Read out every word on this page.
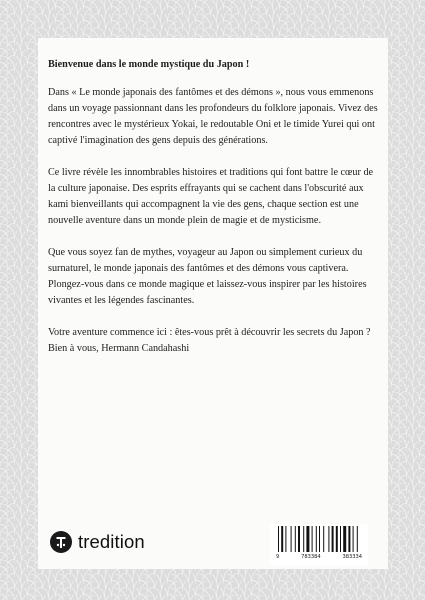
Bienvenue dans le monde mystique du Japon !

Dans « Le monde japonais des fantômes et des démons », nous vous emmenons dans un voyage passionnant dans les profondeurs du folklore japonais. Vivez des rencontres avec le mystérieux Yokai, le redoutable Oni et le timide Yurei qui ont captivé l'imagination des gens depuis des générations.

Ce livre révèle les innombrables histoires et traditions qui font battre le cœur de la culture japonaise. Des esprits effrayants qui se cachent dans l'obscurité aux kami bienveillants qui accompagnent la vie des gens, chaque section est une nouvelle aventure dans un monde plein de magie et de mysticisme.

Que vous soyez fan de mythes, voyageur au Japon ou simplement curieux du surnaturel, le monde japonais des fantômes et des démons vous captivera. Plongez-vous dans ce monde magique et laissez-vous inspirer par les histoires vivantes et les légendes fascinantes.

Votre aventure commence ici : êtes-vous prêt à découvrir les secrets du Japon ?
Bien à vous, Hermann Candahashi

tredition
9	783384	383334
